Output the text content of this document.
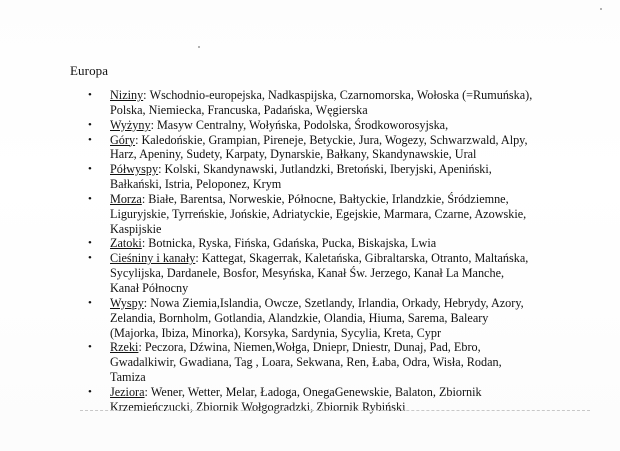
Europa
• Niziny: Wschodnio-europejska, Nadkaspijska, Czarnomorska, Wołoska (=Rumuńska),
Polska, Niemiecka, Francuska, Padańska, Węgierska
• Wyżyny: Masyw Centralny, Wołyńska, Podolska, Środkoworosyjska,
• Góry: Kaledońskie, Grampian, Pireneje, Betyckie, Jura, Wogezy, Schwarzwald, Alpy,
Harz, Apeniny, Sudety, Karpaty, Dynarskie, Bałkany, Skandynawskie, Ural
• Półwyspy: Kolski, Skandynawski, Jutlandzki, Bretoński, Iberyjski, Apeniński,
Bałkański, Istria, Peloponez, Krym
• Morza: Białe, Barentsa, Norweskie, Północne, Bałtyckie, Irlandzkie, Śródziemne,
Liguryjskie, Tyrreńskie, Jońskie, Adriatyckie, Egejskie, Marmara, Czarne, Azowskie,
Kaspijskie
• Zatoki: Botnicka, Ryska, Fińska, Gdańska, Pucka, Biskajska, Lwia
• Cieśniny i kanały: Kattegat, Skagerrak, Kaletańska, Gibraltarska, Otranto, Maltańska,
Sycylijska, Dardanele, Bosfor, Mesyńska, Kanał Św. Jerzego, Kanał La Manche,
Kanał Północny
• Wyspy: Nowa Ziemia,Islandia, Owcze, Szetlandy, Irlandia, Orkady, Hebrydy, Azory,
Zelandia, Bornholm, Gotlandia, Alandzkie, Olandia, Hiuma, Sarema, Baleary
(Majorka, Ibiza, Minorka), Korsyka, Sardynia, Sycylia, Kreta, Cypr
• Rzeki: Peczora, Dźwina, Niemen,Wołga, Dniepr, Dniestr, Dunaj, Pad, Ebro,
Gwadalkiwir, Gwadiana, Tag , Loara, Sekwana, Ren, Łaba, Odra, Wisła, Rodan,
Tamiza
• Jeziora: Wener, Wetter, Melar, Ładoga, OnegaGenewskie, Balaton, Zbiornik
Krzemieńczucki, Zbiornik Wołgogradzki, Zbiornik Rybiński
